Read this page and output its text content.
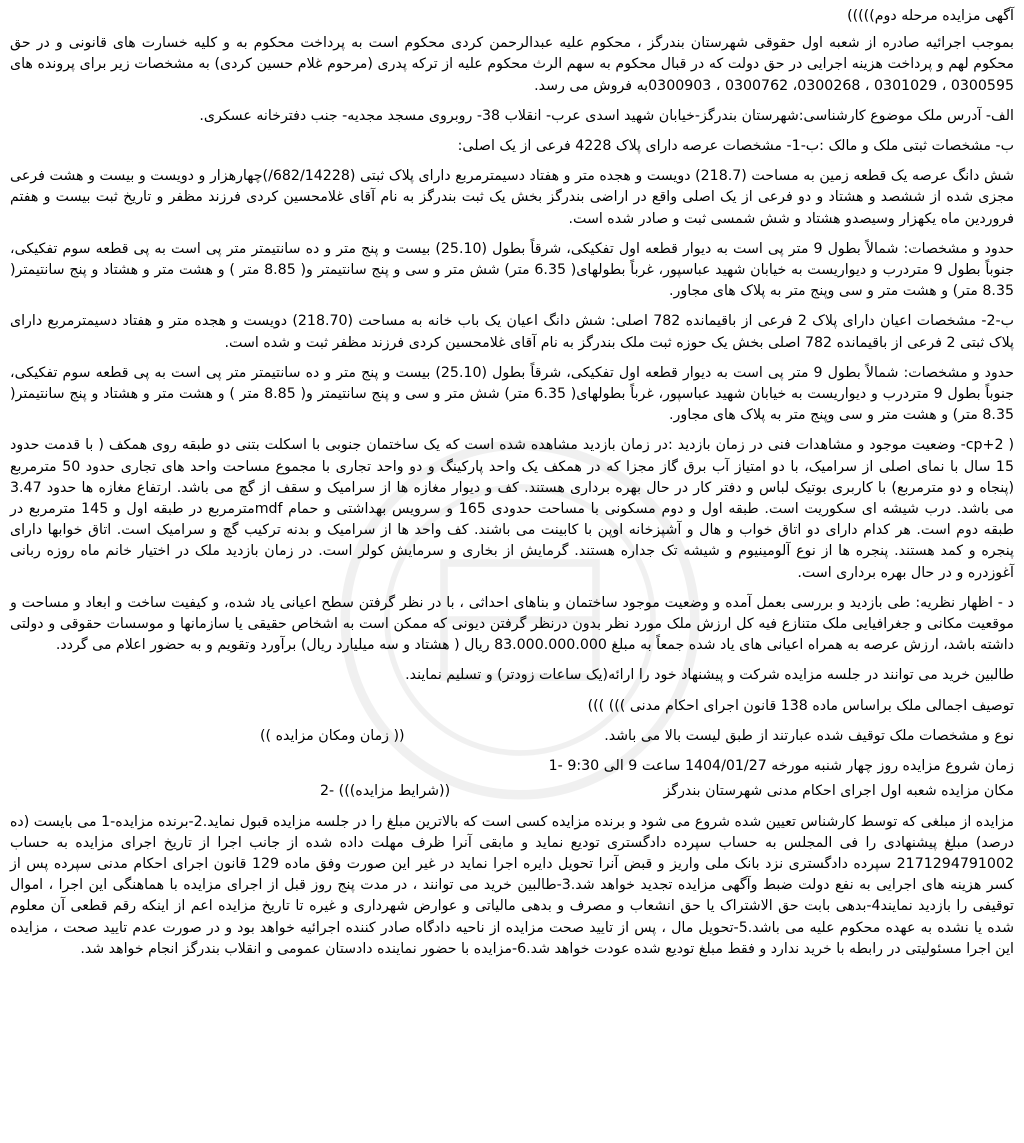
آگهی مزایده مرحله دوم)))))

بموجب اجرائیه صادره از شعبه اول حقوقی شهرستان بندرگز ، محکوم علیه عبدالرحمن کردی محکوم است به پرداخت محکوم به و کلیه خسارت های قانونی و در حق محکوم لهم و پرداخت هزینه اجرایی در حق دولت که در قبال محکوم به سهم الرث محکوم علیه از ترکه پدری (مرحوم غلام حسین کردی) به مشخصات زیر برای پرونده های 0300595 ، 0301029 ، 0300268، 0300762 ، 0300903به فروش می رسد.

الف- آدرس ملک موضوع کارشناسی:شهرستان بندرگز-خیابان شهید اسدی عرب- انقلاب 38- روبروی مسجد مجدیه- جنب دفترخانه عسکری.

ب- مشخصات ثبتی ملک و مالک :ب-1- مشخصات عرصه دارای پلاک 4228 فرعی از یک اصلی:

شش دانگ عرصه یک قطعه زمین به مساحت (218.7) دویست و هجده متر و هفتاد دسیمترمربع دارای پلاک ثبتی (682/14228/)چهارهزار و دویست و بیست و هشت فرعی مجزی شده از ششصد و هشتاد و دو فرعی از یک اصلی واقع در اراضی بندرگز بخش یک ثبت بندرگز به نام آقای غلامحسین کردی فرزند مظفر و تاریخ ثبت بیست و هفتم فروردین ماه یکهزار وسیصدو هشتاد و شش شمسی ثبت و صادر شده است.

حدود و مشخصات: شمالاً بطول 9 متر پی است به دیوار قطعه اول تفکیکی، شرقاً بطول (25.10) بیست و پنج متر و ده سانتیمتر متر پی است به پی قطعه سوم تفکیکی، جنوباً بطول 9 متردرب و دیواریست به خیابان شهید عباسپور، غرباً بطولهای( 6.35 متر) شش متر و سی و پنج سانتیمتر و( 8.85 متر ) و هشت متر و هشتاد و پنج سانتیمتر( 8.35 متر) و هشت متر و سی وپنج متر به پلاک های مجاور.

ب-2- مشخصات اعیان دارای پلاک 2 فرعی از باقیمانده 782 اصلی: شش دانگ اعیان یک باب خانه به مساحت (218.70) دویست و هجده متر و هفتاد دسیمترمربع دارای پلاک ثبتی 2 فرعی از باقیمانده 782 اصلی بخش یک حوزه ثبت ملک بندرگز به نام آقای غلامحسین کردی فرزند مظفر ثبت و شده است.

حدود و مشخصات: شمالاً بطول 9 متر پی است به دیوار قطعه اول تفکیکی، شرقاً بطول (25.10) بیست و پنج متر و ده سانتیمتر متر پی است به پی قطعه سوم تفکیکی، جنوباً بطول 9 متردرب و دیواریست به خیابان شهید عباسپور، غرباً بطولهای( 6.35 متر) شش متر و سی و پنج سانتیمتر و( 8.85 متر ) و هشت متر و هشتاد و پنج سانتیمتر( 8.35 متر) و هشت متر و سی وپنج متر به پلاک های مجاور.

( cp+2- وضعیت موجود و مشاهدات فنی در زمان بازدید :در زمان بازدید مشاهده شده است که یک ساختمان جنوبی با اسکلت بتنی دو طبقه روی همکف ( با قدمت حدود 15 سال با نمای اصلی از سرامیک، با دو امتیاز آب برق گاز مجزا که در همکف یک واحد پارکینگ و دو واحد تجاری با مجموع مساحت واحد های تجاری حدود 50 مترمربع (پنجاه و دو مترمربع) با کاربری بوتیک لباس و دفتر کار در حال بهره برداری هستند. کف و دیوار مغازه ها از سرامیک و سقف از گچ می باشد. ارتفاع مغازه ها حدود 3.47 می باشد. درب شیشه ای سکوریت است. طبقه اول و دوم مسکونی با مساحت حدودی 165 و سرویس بهداشتی و حمام mdfمترمربع در طبقه اول و 145 مترمربع در طبقه دوم است. هر کدام دارای دو اتاق خواب و هال و آشپزخانه اوپن با کابینت می باشند. کف واحد ها از سرامیک و بدنه ترکیب گچ و سرامیک است. اتاق خوابها دارای پنجره و کمد هستند. پنجره ها از نوع آلومینیوم و شیشه تک جداره هستند. گرمایش از بخاری و سرمایش کولر است. در زمان بازدید ملک در اختیار خانم ماه روزه ربانی آغوزدره و در حال بهره برداری است.

د - اظهار نظریه: طی بازدید و بررسی بعمل آمده و وضعیت موجود ساختمان و بناهای احداثی ، با در نظر گرفتن سطح اعیانی یاد شده، و کیفیت ساخت و ابعاد و مساحت و موقعیت مکانی و جغرافیایی ملک متنازع فیه کل ارزش ملک مورد نظر بدون درنظر گرفتن دیونی که ممکن است به اشخاص حقیقی یا سازمانها و موسسات حقوقی و دولتی داشته باشد، ارزش عرصه به همراه اعیانی های یاد شده جمعاً به مبلغ 83.000.000.000 ریال ( هشتاد و سه میلیارد ریال) برآورد وتقویم و به حضور اعلام می گردد.

طالبین خرید می توانند در جلسه مزایده شرکت و پیشنهاد خود را ارائه(یک ساعات زودتر) و تسلیم نمایند.

توصیف اجمالی ملک براساس ماده 138 قانون اجرای احکام مدنی ))) )))

نوع و مشخصات ملک توقیف شده عبارتند از طبق لیست بالا می باشد.
(( زمان ومکان مزایده ))

زمان شروع مزایده روز چهار شنبه مورخه 1404/01/27 ساعت 9 الی 9:30 -1

مکان مزایده شعبه اول اجرای احکام مدنی شهرستان بندرگز
((شرایط مزایده))) -2

مزایده از مبلغی که توسط کارشناس تعیین شده شروع می شود و برنده مزایده کسی است که بالاترین مبلغ را در جلسه مزایده قبول نماید.2-برنده مزایده-1 می بایست (ده درصد) مبلغ پیشنهادی را فی المجلس به حساب سپرده دادگستری تودیع نماید و مابقی آنرا ظرف مهلت داده شده از جانب اجرا از تاریخ اجرای مزایده به حساب 2171294791002 سپرده دادگستری نزد بانک ملی واریز و قبض آنرا تحویل دایره اجرا نماید در غیر این صورت وفق ماده 129 قانون اجرای احکام مدنی سپرده پس از کسر هزینه های اجرایی به نفع دولت ضبط وآگهی مزایده تجدید خواهد شد.3-طالبین خرید می توانند ، در مدت پنج روز قبل از اجرای مزایده با هماهنگی این اجرا ، اموال توقیفی را بازدید نمایند4-بدهی بابت حق الاشتراک یا حق انشعاب و مصرف و بدهی مالیاتی و عوارض شهرداری و غیره تا تاریخ مزایده اعم از اینکه رقم قطعی آن معلوم شده یا نشده به عهده محکوم علیه می باشد.5-تحویل مال ، پس از تایید صحت مزایده از ناحیه دادگاه صادر کننده اجرائیه خواهد بود و در صورت عدم تایید صحت ، مزایده این اجرا مسئولیتی در رابطه با خرید ندارد و فقط مبلغ تودیع شده عودت خواهد شد.6-مزایده با حضور نماینده دادستان عمومی و انقلاب بندرگز انجام خواهد شد.
